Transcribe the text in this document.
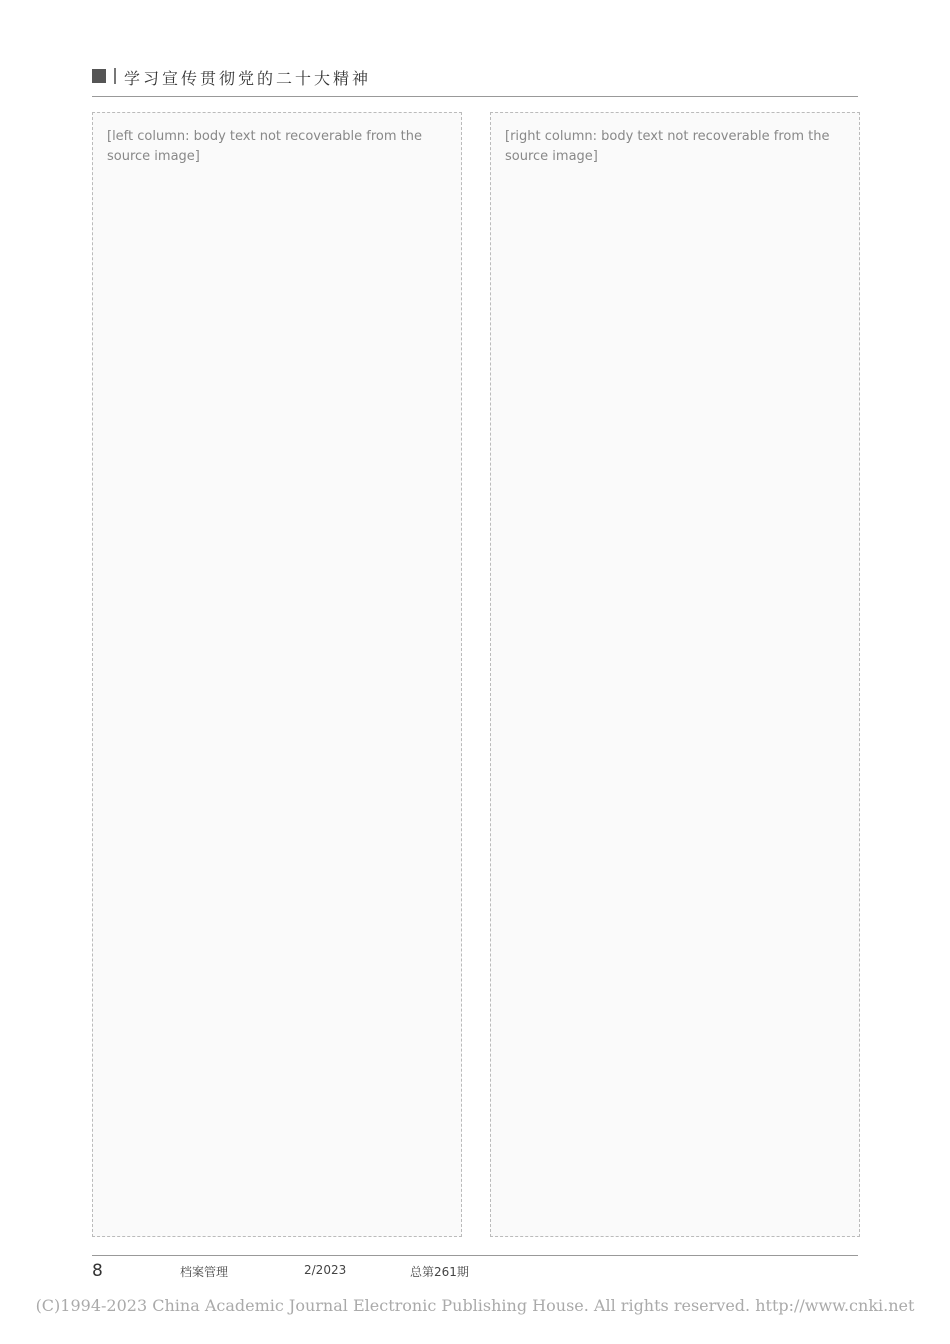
学习宣传贯彻党的二十大精神
[left column: body text not recoverable from the source image]
[right column: body text not recoverable from the source image]
8	档案管理	2/2023	总第261期
(C)1994-2023 China Academic Journal Electronic Publishing House. All rights reserved. http://www.cnki.net
